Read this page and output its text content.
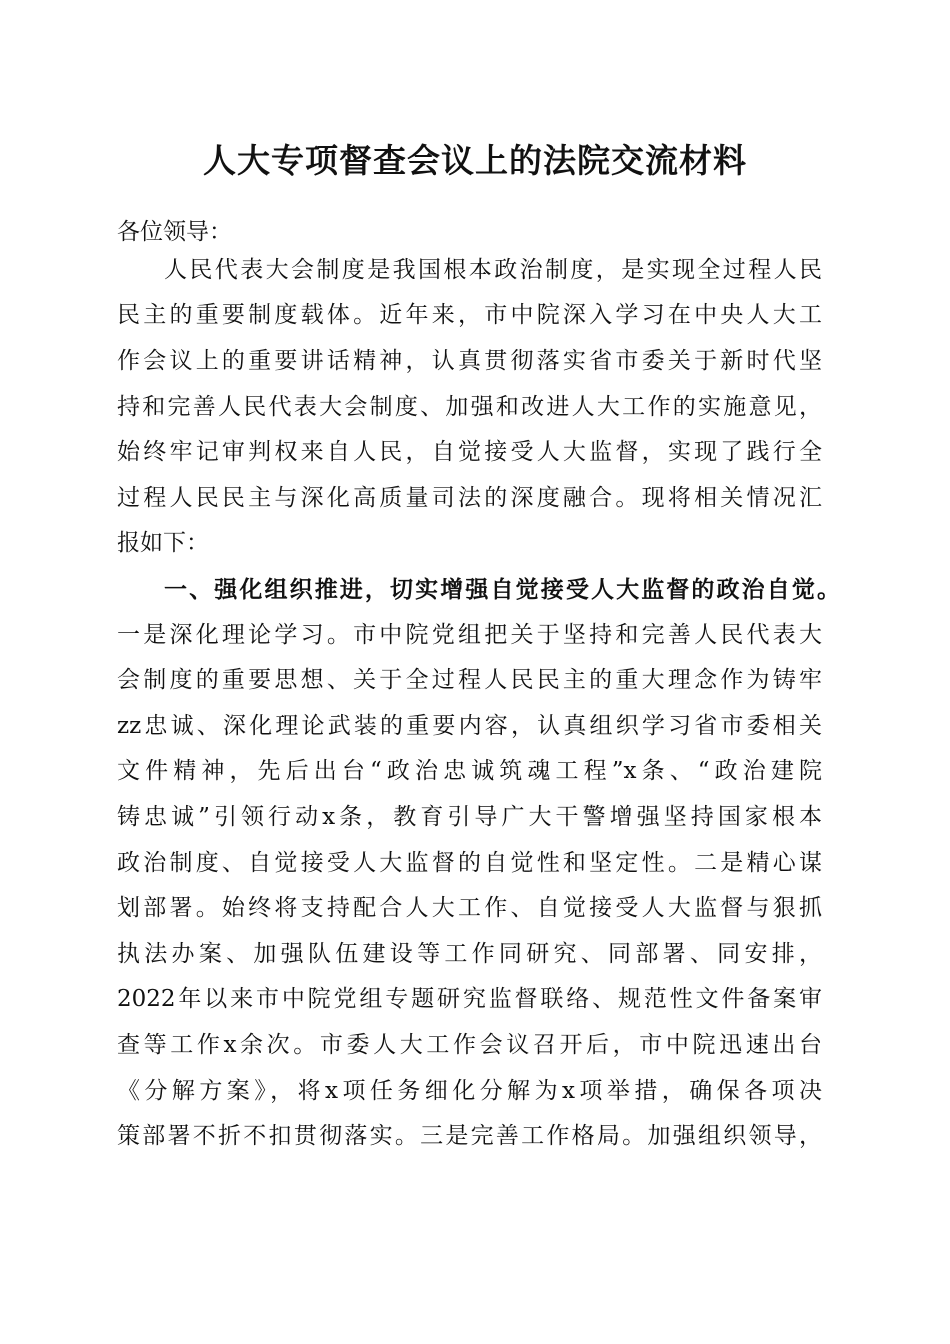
人大专项督查会议上的法院交流材料
各位领导：
人民代表大会制度是我国根本政治制度，是实现全过程人民
民主的重要制度载体。近年来，市中院深入学习在中央人大工
作会议上的重要讲话精神，认真贯彻落实省市委关于新时代坚
持和完善人民代表大会制度、加强和改进人大工作的实施意见，
始终牢记审判权来自人民，自觉接受人大监督，实现了践行全
过程人民民主与深化高质量司法的深度融合。现将相关情况汇
报如下：
一、强化组织推进，切实增强自觉接受人大监督的政治自觉。
一是深化理论学习。市中院党组把关于坚持和完善人民代表大
会制度的重要思想、关于全过程人民民主的重大理念作为铸牢
zz忠诚、深化理论武装的重要内容，认真组织学习省市委相关
文件精神，先后出台“政治忠诚筑魂工程”x条、“政治建院
铸忠诚”引领行动x条，教育引导广大干警增强坚持国家根本
政治制度、自觉接受人大监督的自觉性和坚定性。二是精心谋
划部署。始终将支持配合人大工作、自觉接受人大监督与狠抓
执法办案、加强队伍建设等工作同研究、同部署、同安排，
2022年以来市中院党组专题研究监督联络、规范性文件备案审
查等工作x余次。市委人大工作会议召开后，市中院迅速出台
《分解方案》，将x项任务细化分解为x项举措，确保各项决
策部署不折不扣贯彻落实。三是完善工作格局。加强组织领导，
